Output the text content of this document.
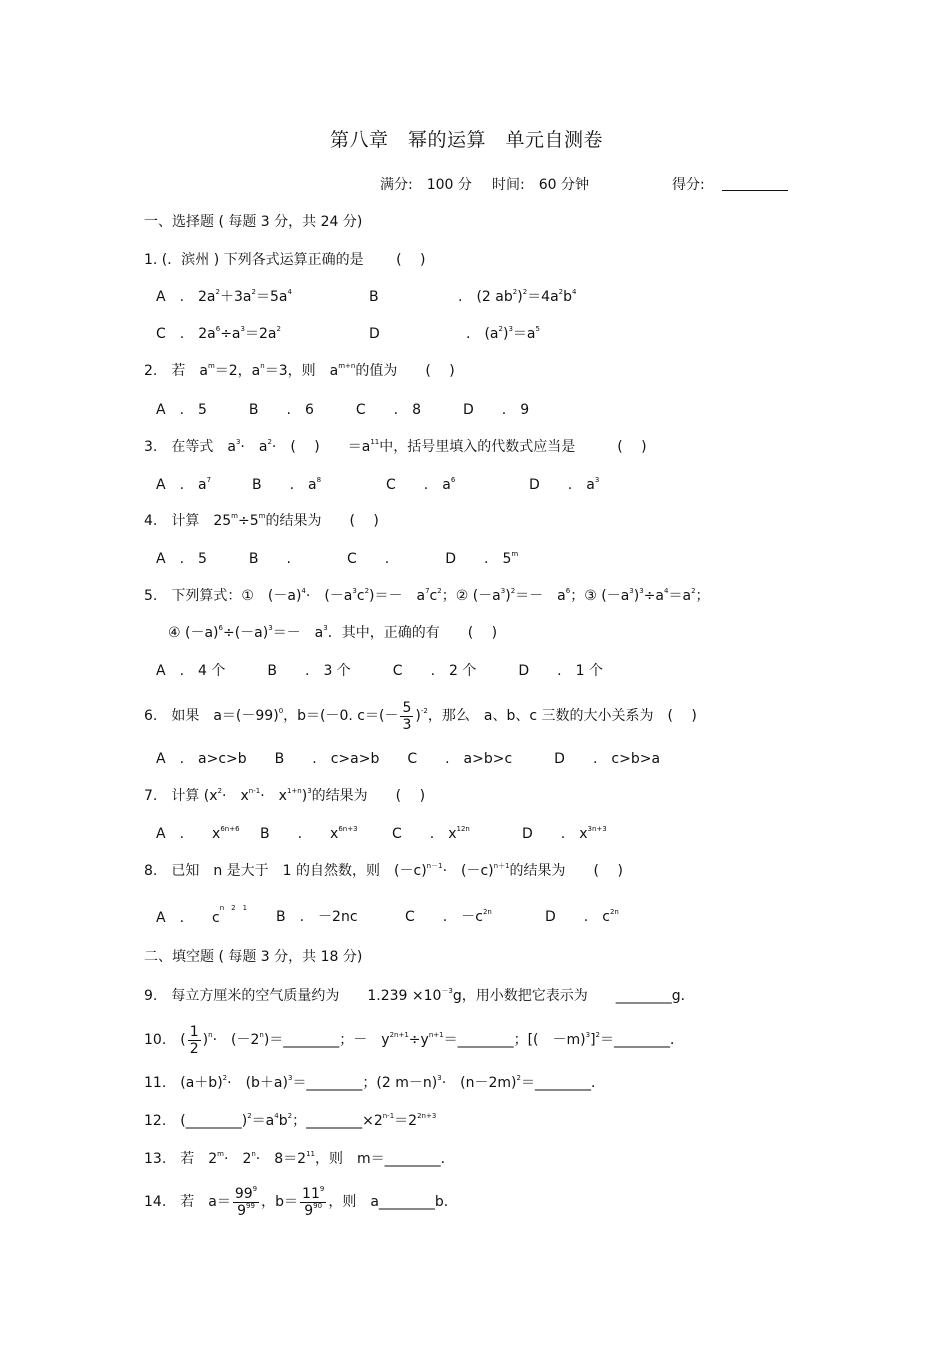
第八章　幂的运算　单元自测卷
满分:　100 分 时间:　60 分钟	得分:
一、选择题 ( 每题 3 分，共 24 分)
1. (．滨州 ) 下列各式运算正确的是　　 (　 )
A　.　$2a^2+3a^2=5a^4$	B	.　(2 $ab^2)^2=4a^2b^4$
C　.　$2a^6\div a^3=2a^2$	D	.　$(a^2)^3=a^5$
2.　若　$a^m=2$，$a^n=3$，则　$a^{m+n}$的值为　　(　 )
A　.　5　　　B　　.　6　　　C　　.　8　　　D　　.　9
3.　在等式　$a^3\cdot$　$a^2\cdot$　(　 )　　$=a^{11}$中，括号里填入的代数式应当是　　　(　 )
A　.　$a^7$	B　　.　$a^8$	C　　.　$a^6$	D　　.　$a^3$
4.　计算　$25^m\div 5^m$的结果为　　(　 )
A　.　5　　　B　　.　　　　C　　.　　　　D　　.　5$^m$
5.　下列算式：①　$(-a)^4\cdot$　$(-a^3c^2)=-$　$a^7c^2$；② $(-a^3)^2=-$　$a^6$；③ $(-a^3)^3\div a^4=a^2$；
④ $(-a)^6\div(-a)^3=-$　$a^3$．其中，正确的有　　(　 )
A　.　4 个　　　B　　.　3 个　　　C　　.　2 个　　　D　　.　1 个
6.　如果　$a=(-99)^0$，b＝(－0. $c=(- \frac{5}{3} )^{-2}$，那么　a、b、c 三数的大小关系为　(　 )
A　.　a>c>b　　B　　.　c>a>b　　C　　.　a>b>c　　　D　　.　c>b>a
7.　计算 ($x^2\cdot$　$x^{n-1}\cdot$　$x^{1+n})^3$的结果为　　(　 )
A　.　　$x^{6n+6}$ B　　.　　$x^{6n+3}$ C　　.　$x^{12n}$	D　　.　$x^{3n+3}$
8.　已知　n 是大于　1 的自然数，则　$(-c)^{n-1}\cdot$　$(-c)^{n+1}$的结果为　　(　 )
A　.　　$c^{n 2 1}$
B　.　－2nc	C　　.　$-c^{2n}$	D　　.　$c^{2n}$
二、填空题 ( 每题 3 分，共 18 分)
9.　每立方厘米的空气质量约为　　$1.239 \times 10^{-3}g$，用小数把它表示为　　________g．
10.　( $\frac{1}{2} )^n\cdot$　$(-2^n)=\_\_\_\_\_\_\_\_$；－　$y^{2n+1}\div y^{n+1}=\_\_\_\_\_\_\_\_$；[(　－m)$^3$]$^2$＝________．
11.　$(a+b)^2\cdot$　$(b+a)^3=\_\_\_\_\_\_\_\_$；(2 m－n)$^3$·　$(n-2m)^2=\_\_\_\_\_\_\_\_$．
12.　$(\_\_\_\_\_\_\_\_)^2=a^4b^2$；$\_\_\_\_\_\_\_\_\times 2^{n-1}=2^{2n+3}$
13.　若　$2^m\cdot$　$2^n\cdot$　$8=2^{11}$，则　m＝________．
14.　若　$a= \frac{99^9}{9^{99}}$ ，$b= \frac{11^9}{9^{90}}$ ，则　a________b.
